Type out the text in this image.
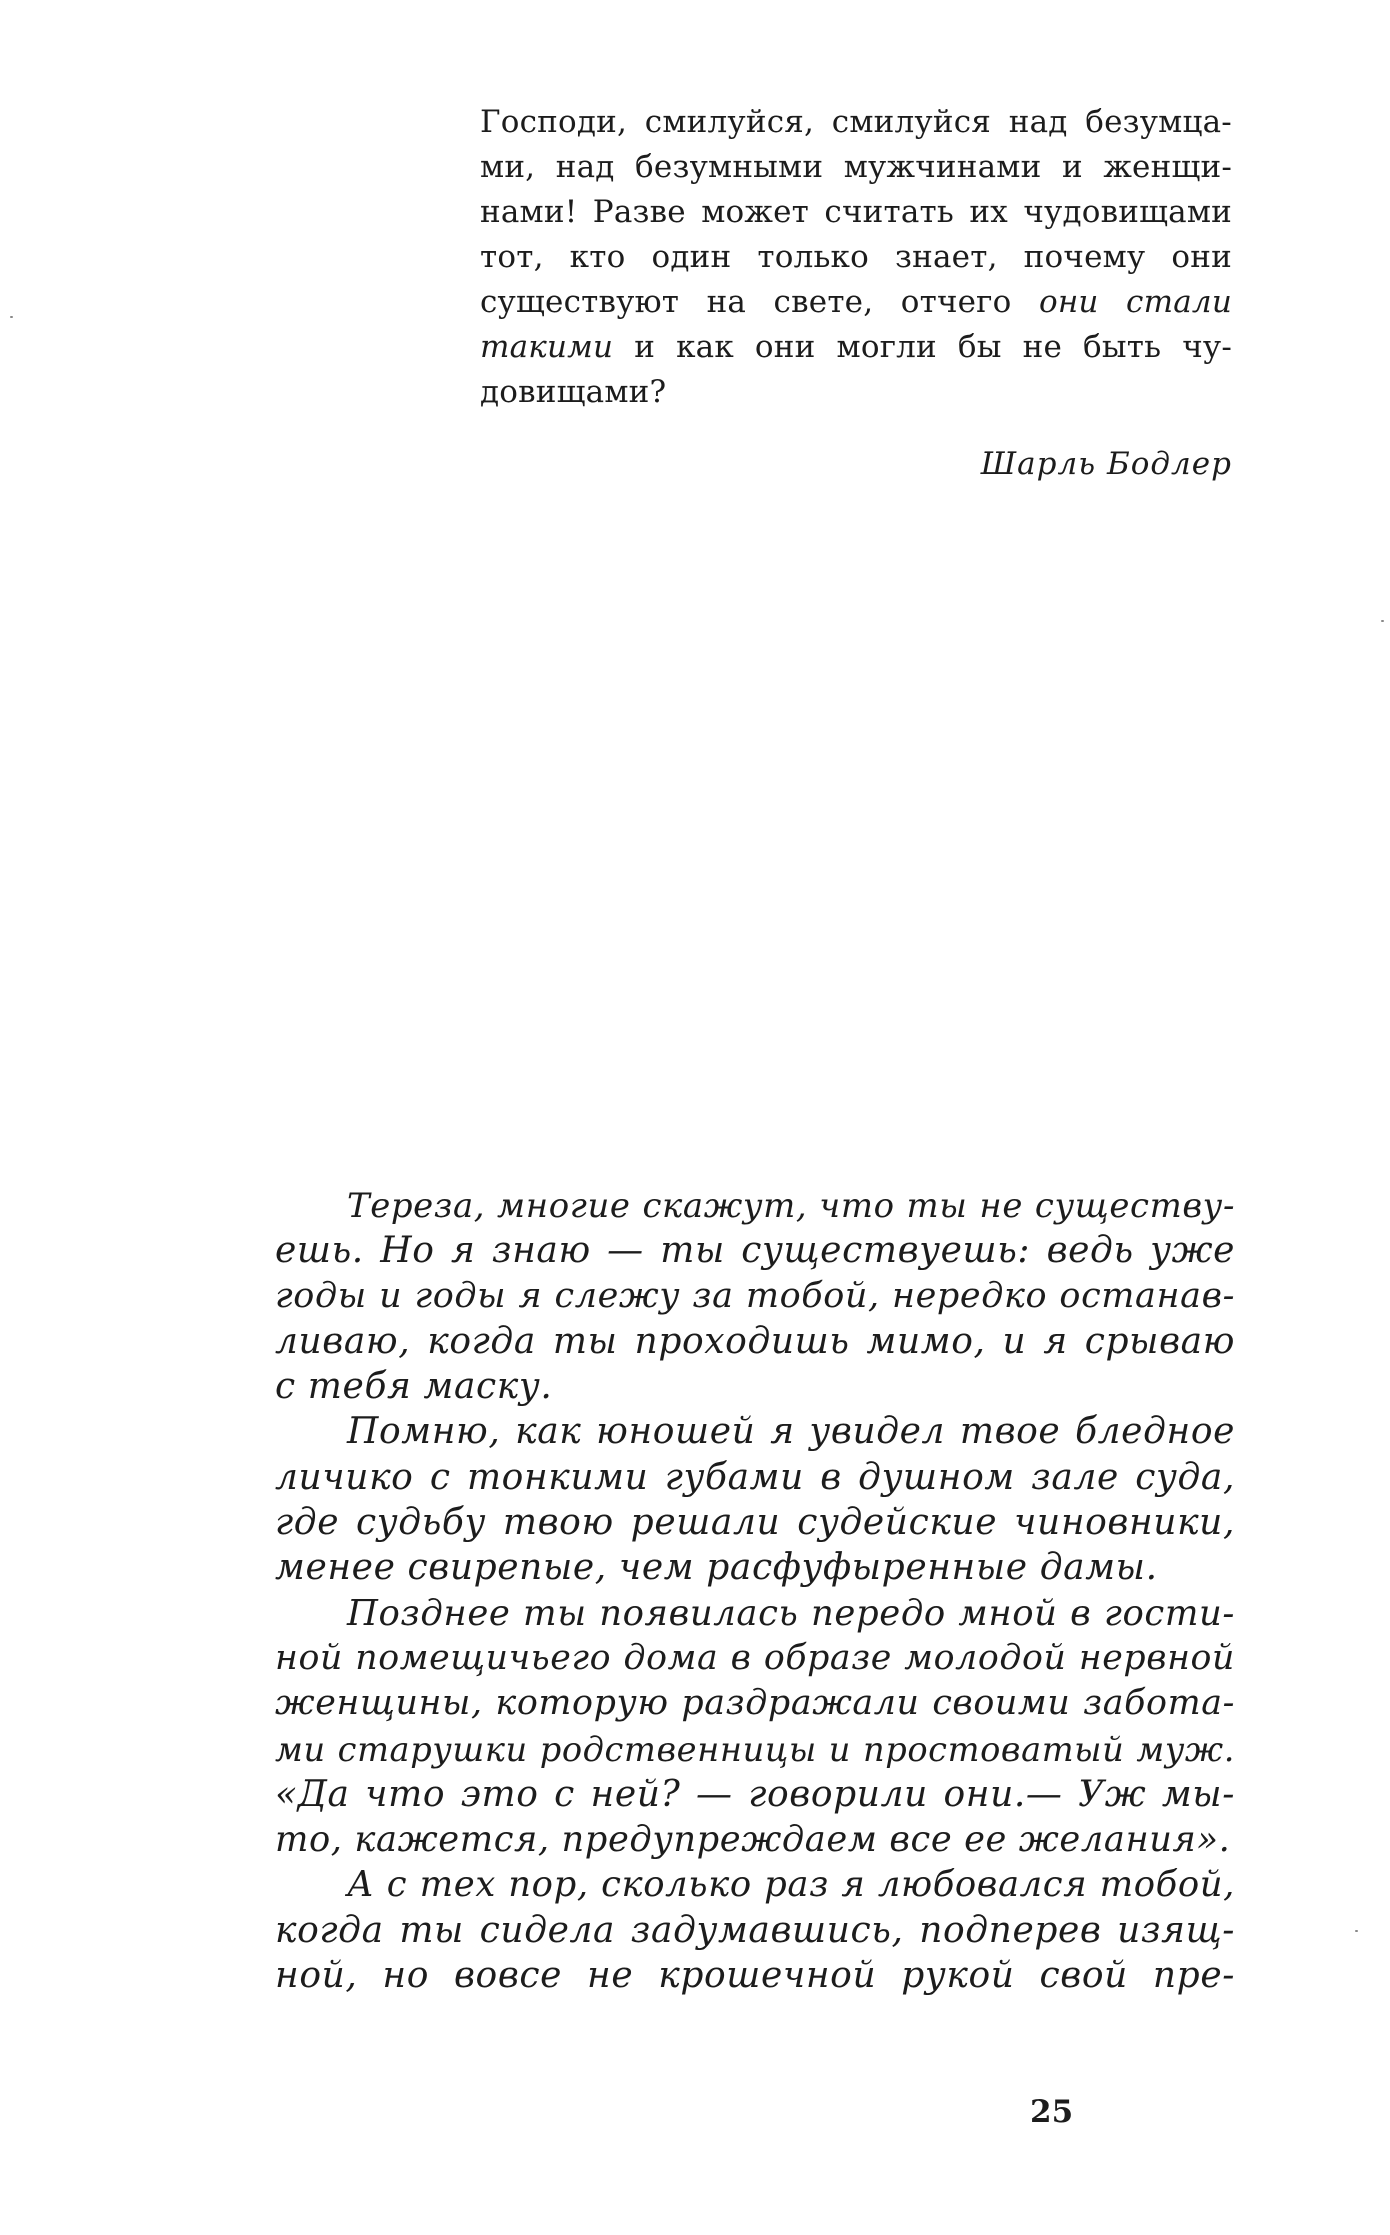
Господи, смилуйся, смилуйся над безумца-
ми, над безумными мужчинами и женщи-
нами! Разве может считать их чудовищами
тот, кто один только знает, почему они
существуют на свете, отчего они стали
такими и как они могли бы не быть чу-
довищами?
Шарль Бодлер
Тереза, многие скажут, что ты не существу-
ешь. Но я знаю — ты существуешь: ведь уже
годы и годы я слежу за тобой, нередко останав-
ливаю, когда ты проходишь мимо, и я срываю
с тебя маску.
Помню, как юношей я увидел твое бледное
личико с тонкими губами в душном зале суда,
где судьбу твою решали судейские чиновники,
менее свирепые, чем расфуфыренные дамы.
Позднее ты появилась передо мной в гости-
ной помещичьего дома в образе молодой нервной
женщины, которую раздражали своими забота-
ми старушки родственницы и простоватый муж.
«Да что это с ней? — говорили они.— Уж мы-
то, кажется, предупреждаем все ее желания».
А с тех пор, сколько раз я любовался тобой,
когда ты сидела задумавшись, подперев изящ-
ной, но вовсе не крошечной рукой свой пре-
25
